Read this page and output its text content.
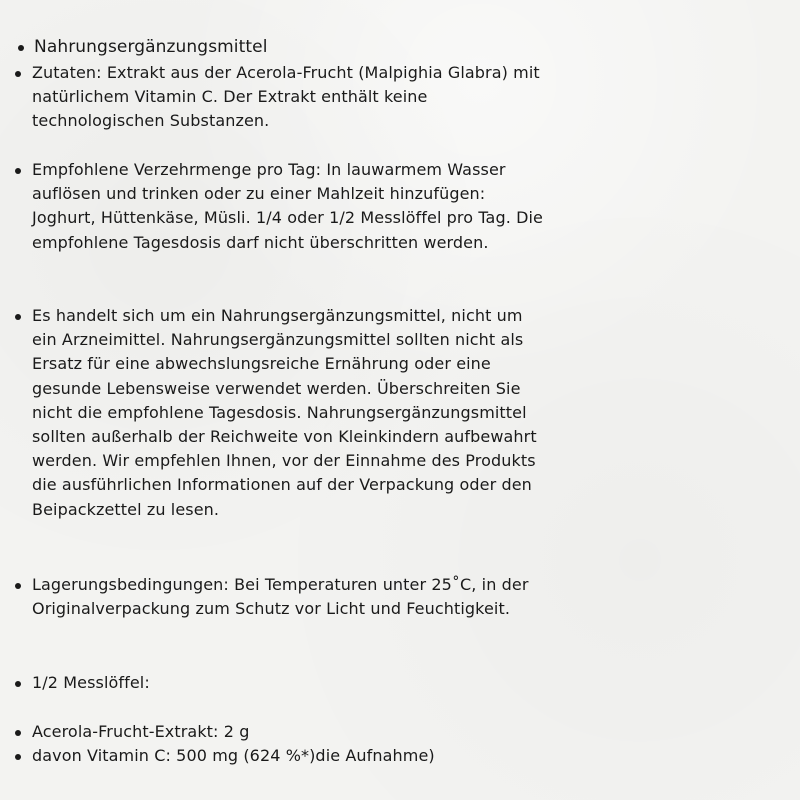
Nahrungsergänzungsmittel
Zutaten: Extrakt aus der Acerola-Frucht (Malpighia Glabra) mit natürlichem Vitamin C. Der Extrakt enthält keine technologischen Substanzen.
Empfohlene Verzehrmenge pro Tag: In lauwarmem Wasser auflösen und trinken oder zu einer Mahlzeit hinzufügen: Joghurt, Hüttenkäse, Müsli. 1/4 oder 1/2 Messlöffel pro Tag. Die empfohlene Tagesdosis darf nicht überschritten werden.
Es handelt sich um ein Nahrungsergänzungsmittel, nicht um ein Arzneimittel. Nahrungsergänzungsmittel sollten nicht als Ersatz für eine abwechslungsreiche Ernährung oder eine gesunde Lebensweise verwendet werden. Überschreiten Sie nicht die empfohlene Tagesdosis. Nahrungsergänzungsmittel sollten außerhalb der Reichweite von Kleinkindern aufbewahrt werden. Wir empfehlen Ihnen, vor der Einnahme des Produkts die ausführlichen Informationen auf der Verpackung oder den Beipackzettel zu lesen.
Lagerungsbedingungen: Bei Temperaturen unter 25˚C, in der Originalverpackung zum Schutz vor Licht und Feuchtigkeit.
1/2 Messlöffel:
Acerola-Frucht-Extrakt: 2 g
davon Vitamin C: 500 mg (624 %*)die Aufnahme)
